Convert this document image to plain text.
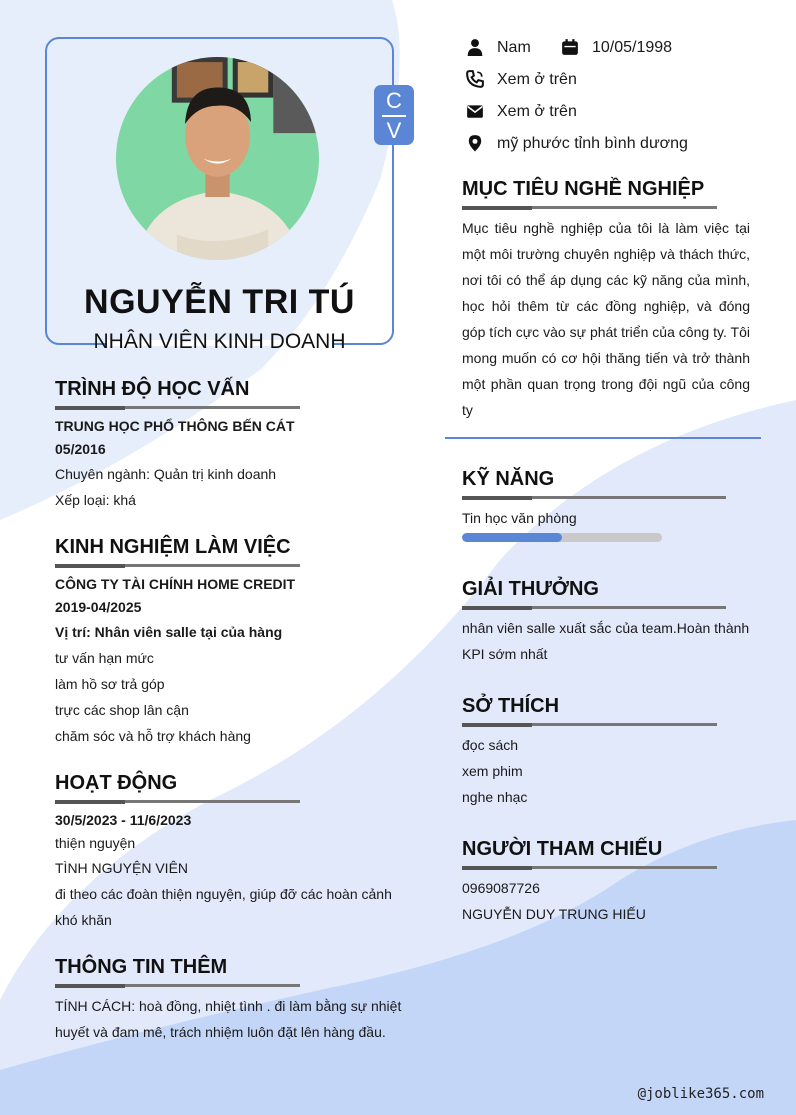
C
V
NGUYỄN TRI TÚ
NHÂN VIÊN KINH DOANH
Nam	10/05/1998
Xem ở trên
Xem ở trên
mỹ phước tỉnh bình dương
TRÌNH ĐỘ HỌC VẤN
TRUNG HỌC PHỔ THÔNG BẾN CÁT
05/2016
Chuyên ngành: Quản trị kinh doanh
Xếp loại: khá
KINH NGHIỆM LÀM VIỆC
CÔNG TY TÀI CHÍNH HOME CREDIT
2019-04/2025
Vị trí: Nhân viên salle tại của hàng
tư vấn hạn mức
làm hồ sơ trả góp
trực các shop lân cận
chăm sóc và hỗ trợ khách hàng
HOẠT ĐỘNG
30/5/2023 - 11/6/2023
thiện nguyện
TÌNH NGUYỆN VIÊN
đi theo các đoàn thiện nguyện, giúp đỡ các hoàn cảnh
khó khăn
THÔNG TIN THÊM
TÍNH CÁCH: hoà đồng, nhiệt tình . đi làm bằng sự nhiệt
huyết và đam mê, trách nhiệm luôn đặt lên hàng đầu.
MỤC TIÊU NGHỀ NGHIỆP
Mục tiêu nghề nghiệp của tôi là làm việc tại một môi trường chuyên nghiệp và thách thức, nơi tôi có thể áp dụng các kỹ năng của mình, học hỏi thêm từ các đồng nghiệp, và đóng góp tích cực vào sự phát triển của công ty. Tôi mong muốn có cơ hội thăng tiến và trở thành một phần quan trọng trong đội ngũ của công ty
KỸ NĂNG
Tin học văn phòng
GIẢI THƯỞNG
nhân viên salle xuất sắc của team.Hoàn thành
KPI sớm nhất
SỞ THÍCH
đọc sách
xem phim
nghe nhạc
NGƯỜI THAM CHIẾU
0969087726
NGUYỄN DUY TRUNG HIẾU
@joblike365.com
